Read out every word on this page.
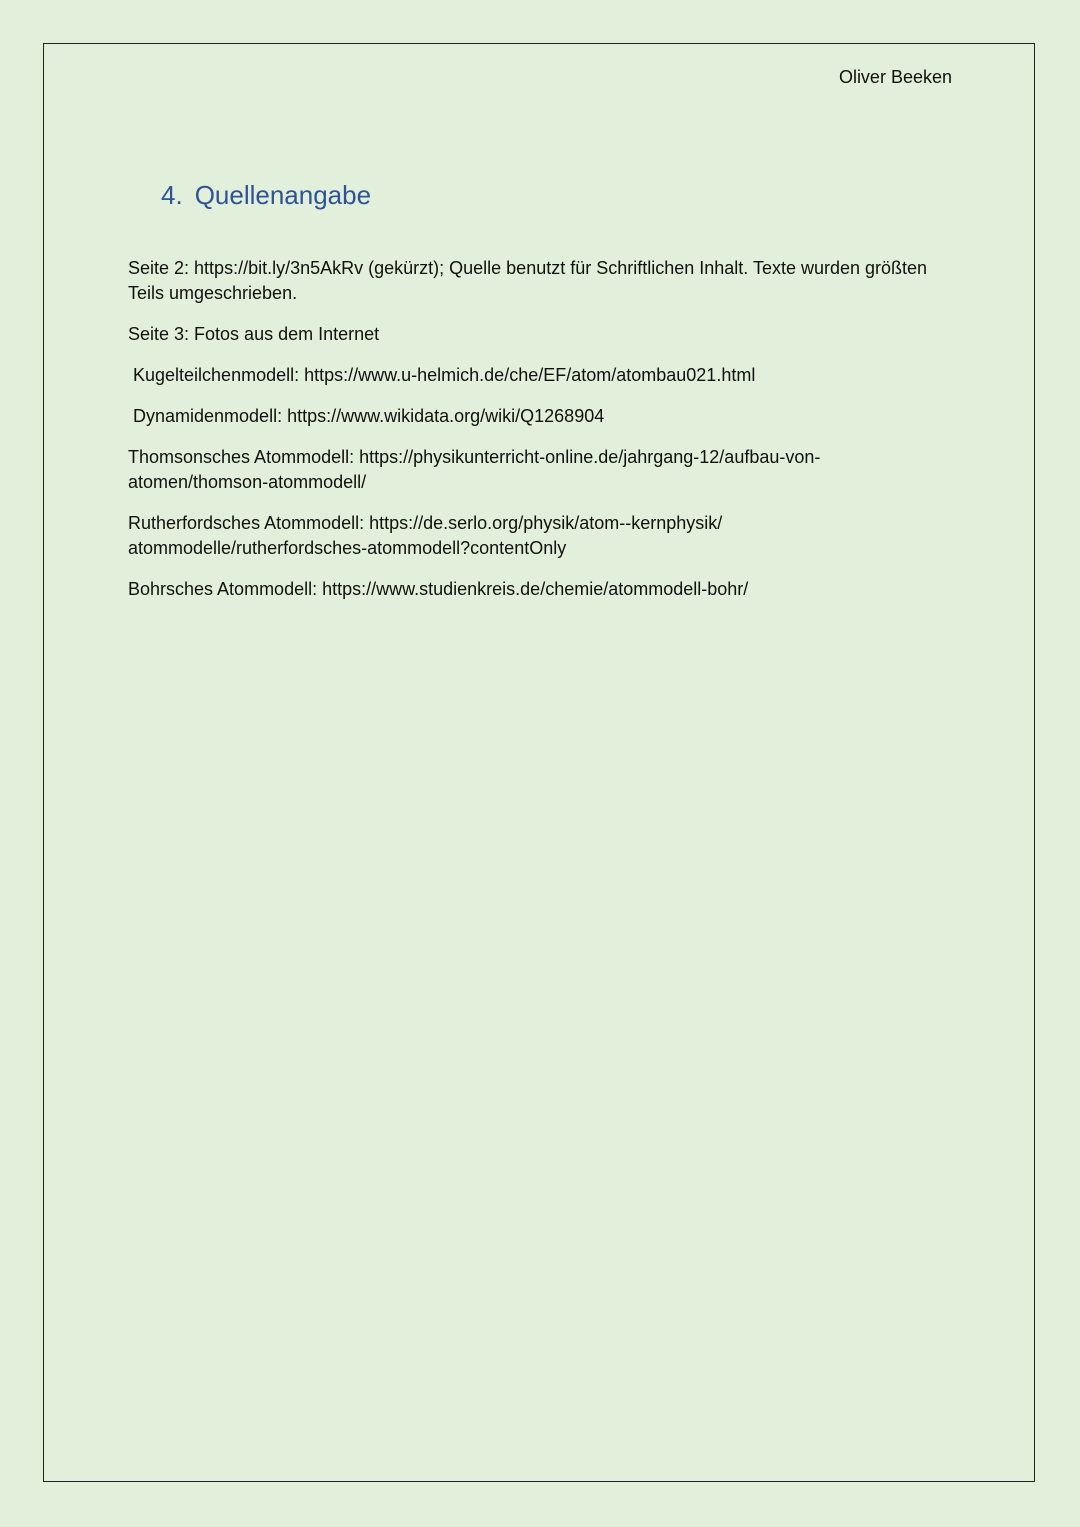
Oliver Beeken
4. Quellenangabe

Seite 2: https://bit.ly/3n5AkRv (gekürzt); Quelle benutzt für Schriftlichen Inhalt. Texte wurden größten Teils umgeschrieben.

Seite 3: Fotos aus dem Internet

Kugelteilchenmodell: https://www.u-helmich.de/che/EF/atom/atombau021.html

Dynamidenmodell: https://www.wikidata.org/wiki/Q1268904

Thomsonsches Atommodell: https://physikunterricht-online.de/jahrgang-12/aufbau-von-atomen/thomson-atommodell/

Rutherfordsches Atommodell: https://de.serlo.org/physik/atom--kernphysik/atommodelle/rutherfordsches-atommodell?contentOnly

Bohrsches Atommodell: https://www.studienkreis.de/chemie/atommodell-bohr/
